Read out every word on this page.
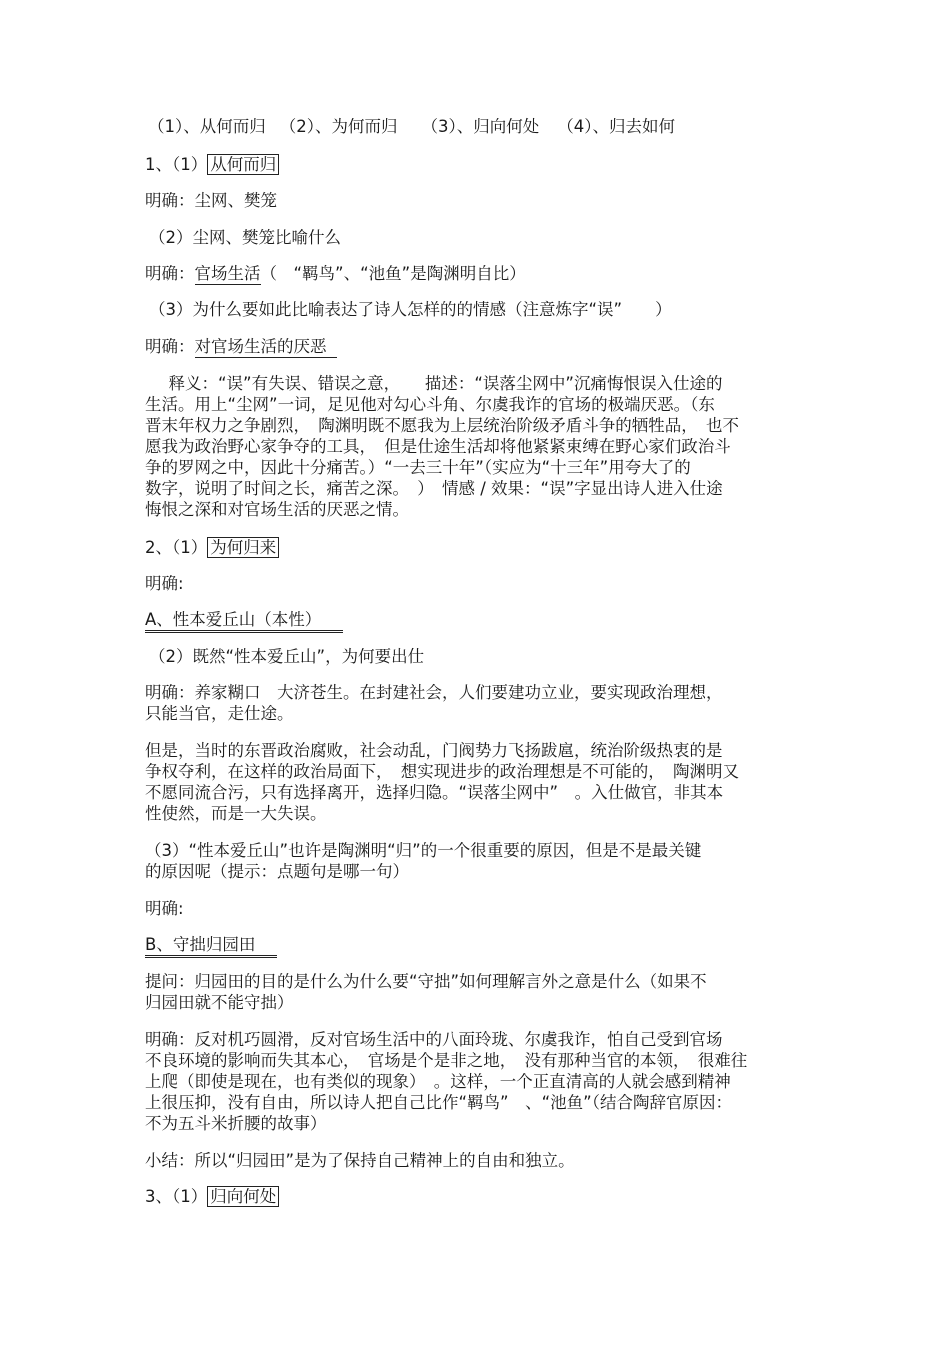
（1）、从何而归 （2）、为何而归 （3）、归向何处 （4）、归去如何
1、（1） 从何而归
明确：尘网、樊笼
（2）尘网、樊笼比喻什么
明确：官场生活（　“羁鸟”、“池鱼”是陶渊明自比）
（3）为什么要如此比喻表达了诗人怎样的的情感（注意炼字“误”　　）
明确：对官场生活的厌恶
　释义：“误”有失误、错误之意，　　描述：“误落尘网中”沉痛悔恨误入仕途的
生活。用上“尘网”一词，足见他对勾心斗角、尔虞我诈的官场的极端厌恶。（东
晋末年权力之争剧烈，　陶渊明既不愿我为上层统治阶级矛盾斗争的牺牲品，　也不
愿我为政治野心家争夺的工具，　但是仕途生活却将他紧紧束缚在野心家们政治斗
争的罗网之中，因此十分痛苦。）“一去三十年”（实应为“十三年”用夸大了的
数字，说明了时间之长，痛苦之深。　）　情感 / 效果：“误”字显出诗人进入仕途
悔恨之深和对官场生活的厌恶之情。
2、（1） 为何归来
明确:
A、性本爱丘山（本性）
（2）既然“性本爱丘山”，为何要出仕
明确：养家糊口　大济苍生。在封建社会，人们要建功立业，要实现政治理想，
只能当官，走仕途。
但是，当时的东晋政治腐败，社会动乱，门阀势力飞扬跋扈，统治阶级热衷的是
争权夺利，在这样的政治局面下，　想实现进步的政治理想是不可能的，　陶渊明又
不愿同流合污，只有选择离开，选择归隐。“误落尘网中”　。入仕做官，非其本
性使然，而是一大失误。
（3）“性本爱丘山”也许是陶渊明“归”的一个很重要的原因，但是不是最关键
的原因呢（提示：点题句是哪一句）
明确:
B、守拙归园田
提问：归园田的目的是什么为什么要“守拙”如何理解言外之意是什么（如果不
归园田就不能守拙）
明确：反对机巧圆滑，反对官场生活中的八面玲珑、尔虞我诈，怕自己受到官场
不良环境的影响而失其本心，　官场是个是非之地，　没有那种当官的本领，　很难往
上爬（即使是现在，也有类似的现象）　。这样，一个正直清高的人就会感到精神
上很压抑，没有自由，所以诗人把自己比作“羁鸟”　、“池鱼”（结合陶辞官原因：
不为五斗米折腰的故事）
小结：所以“归园田”是为了保持自己精神上的自由和独立。
3、（1） 归向何处
